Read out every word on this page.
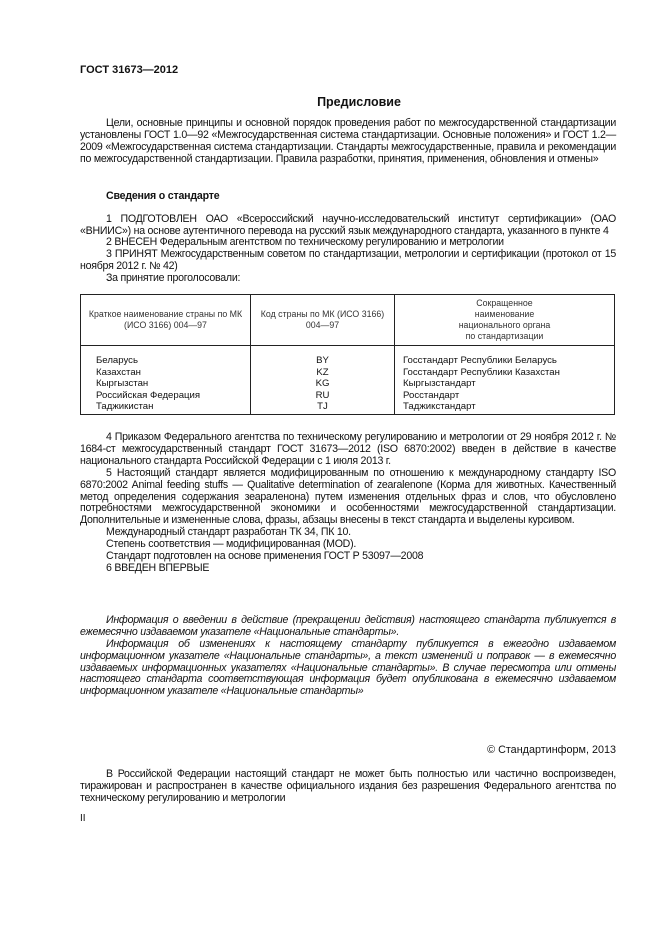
ГОСТ 31673—2012
Предисловие

Цели, основные принципы и основной порядок проведения работ по межгосударственной стандартизации установлены ГОСТ 1.0—92 «Межгосударственная система стандартизации. Основные положения» и ГОСТ 1.2—2009 «Межгосударственная система стандартизации. Стандарты межгосударственные, правила и рекомендации по межгосударственной стандартизации. Правила разработки, принятия, применения, обновления и отмены»

Сведения о стандарте

1 ПОДГОТОВЛЕН ОАО «Всероссийский научно-исследовательский институт сертификации» (ОАО «ВНИИС») на основе аутентичного перевода на русский язык международного стандарта, указанного в пункте 4

2 ВНЕСЕН Федеральным агентством по техническому регулированию и метрологии

3 ПРИНЯТ Межгосударственным советом по стандартизации, метрологии и сертификации (протокол от 15 ноября 2012 г. № 42)

За принятие проголосовали:

Краткое наименование страны по МК (ИСО 3166) 004—97	Код страны по МК (ИСО 3166) 004—97	Сокращенное наименование национального органа по стандартизации
Беларусь	BY	Госстандарт Республики Беларусь
Казахстан	KZ	Госстандарт Республики Казахстан
Кыргызстан	KG	Кыргызстандарт
Российская Федерация	RU	Росстандарт
Таджикистан	TJ	Таджикстандарт

4 Приказом Федерального агентства по техническому регулированию и метрологии от 29 ноября 2012 г. № 1684-ст межгосударственный стандарт ГОСТ 31673—2012 (ISO 6870:2002) введен в действие в качестве национального стандарта Российской Федерации с 1 июля 2013 г.

5 Настоящий стандарт является модифицированным по отношению к международному стандарту ISO 6870:2002 Animal feeding stuffs — Qualitative determination of zearalenone (Корма для животных. Качественный метод определения содержания зеараленона) путем изменения отдельных фраз и слов, что обусловлено потребностями межгосударственной экономики и особенностями межгосударственной стандартизации. Дополнительные и измененные слова, фразы, абзацы внесены в текст стандарта и выделены курсивом.

Международный стандарт разработан ТК 34, ПК 10.

Степень соответствия — модифицированная (MOD).

Стандарт подготовлен на основе применения ГОСТ Р 53097—2008

6 ВВЕДЕН ВПЕРВЫЕ

Информация о введении в действие (прекращении действия) настоящего стандарта публикуется в ежемесячно издаваемом указателе «Национальные стандарты».

Информация об изменениях к настоящему стандарту публикуется в ежегодно издаваемом информационном указателе «Национальные стандарты», а текст изменений и поправок — в ежемесячно издаваемых информационных указателях «Национальные стандарты». В случае пересмотра или отмены настоящего стандарта соответствующая информация будет опубликована в ежемесячно издаваемом информационном указателе «Национальные стандарты»

© Стандартинформ, 2013

В Российской Федерации настоящий стандарт не может быть полностью или частично воспроизведен, тиражирован и распространен в качестве официального издания без разрешения Федерального агентства по техническому регулированию и метрологии

II
